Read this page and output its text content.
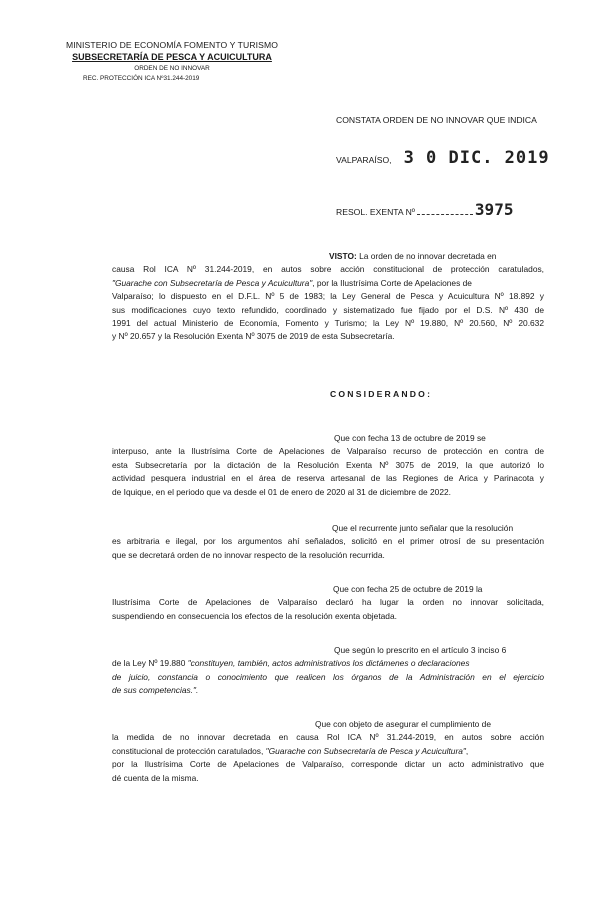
MINISTERIO DE ECONOMÍA FOMENTO Y TURISMO
SUBSECRETARÍA DE PESCA Y ACUICULTURA
ORDEN DE NO INNOVAR
REC. PROTECCIÓN ICA Nº31.244-2019
CONSTATA ORDEN DE NO INNOVAR QUE INDICA
VALPARAÍSO, 3 0 DIC. 2019
RESOL. EXENTA Nº	3975
VISTO: La orden de no innovar decretada en
causa Rol ICA Nº 31.244-2019, en autos sobre acción constitucional de protección caratulados,
"Guarache con Subsecretaría de Pesca y Acuicultura", por la Ilustrísima Corte de Apelaciones de
Valparaíso; lo dispuesto en el D.F.L. Nº 5 de 1983; la Ley General de Pesca y Acuicultura Nº 18.892 y
sus modificaciones cuyo texto refundido, coordinado y sistematizado fue fijado por el D.S. Nº 430 de
1991 del actual Ministerio de Economía, Fomento y Turismo; la Ley Nº 19.880, Nº 20.560, Nº 20.632
y Nº 20.657 y la Resolución Exenta Nº 3075 de 2019 de esta Subsecretaría.
CONSIDERANDO:
Que con fecha 13 de octubre de 2019 se
interpuso, ante la Ilustrísima Corte de Apelaciones de Valparaíso recurso de protección en contra de
esta Subsecretaría por la dictación de la Resolución Exenta Nº 3075 de 2019, la que autorizó lo
actividad pesquera industrial en el área de reserva artesanal de las Regiones de Arica y Parinacota y
de Iquique, en el periodo que va desde el 01 de enero de 2020 al 31 de diciembre de 2022.
Que el recurrente junto señalar que la resolución
es arbitraria e ilegal, por los argumentos ahí señalados, solicitó en el primer otrosí de su presentación
que se decretará orden de no innovar respecto de la resolución recurrida.
Que con fecha 25 de octubre de 2019 la
Ilustrísima Corte de Apelaciones de Valparaíso declaró ha lugar la orden no innovar solicitada,
suspendiendo en consecuencia los efectos de la resolución exenta objetada.
Que según lo prescrito en el artículo 3 inciso 6
de la Ley Nº 19.880 "constituyen, también, actos administrativos los dictámenes o declaraciones
de juicio, constancia o conocimiento que realicen los órganos de la Administración en el ejercicio
de sus competencias.".
Que con objeto de asegurar el cumplimiento de
la medida de no innovar decretada en causa Rol ICA Nº 31.244-2019, en autos sobre acción
constitucional de protección caratulados, "Guarache con Subsecretaría de Pesca y Acuicultura",
por la Ilustrísima Corte de Apelaciones de Valparaíso, corresponde dictar un acto administrativo que
dé cuenta de la misma.
